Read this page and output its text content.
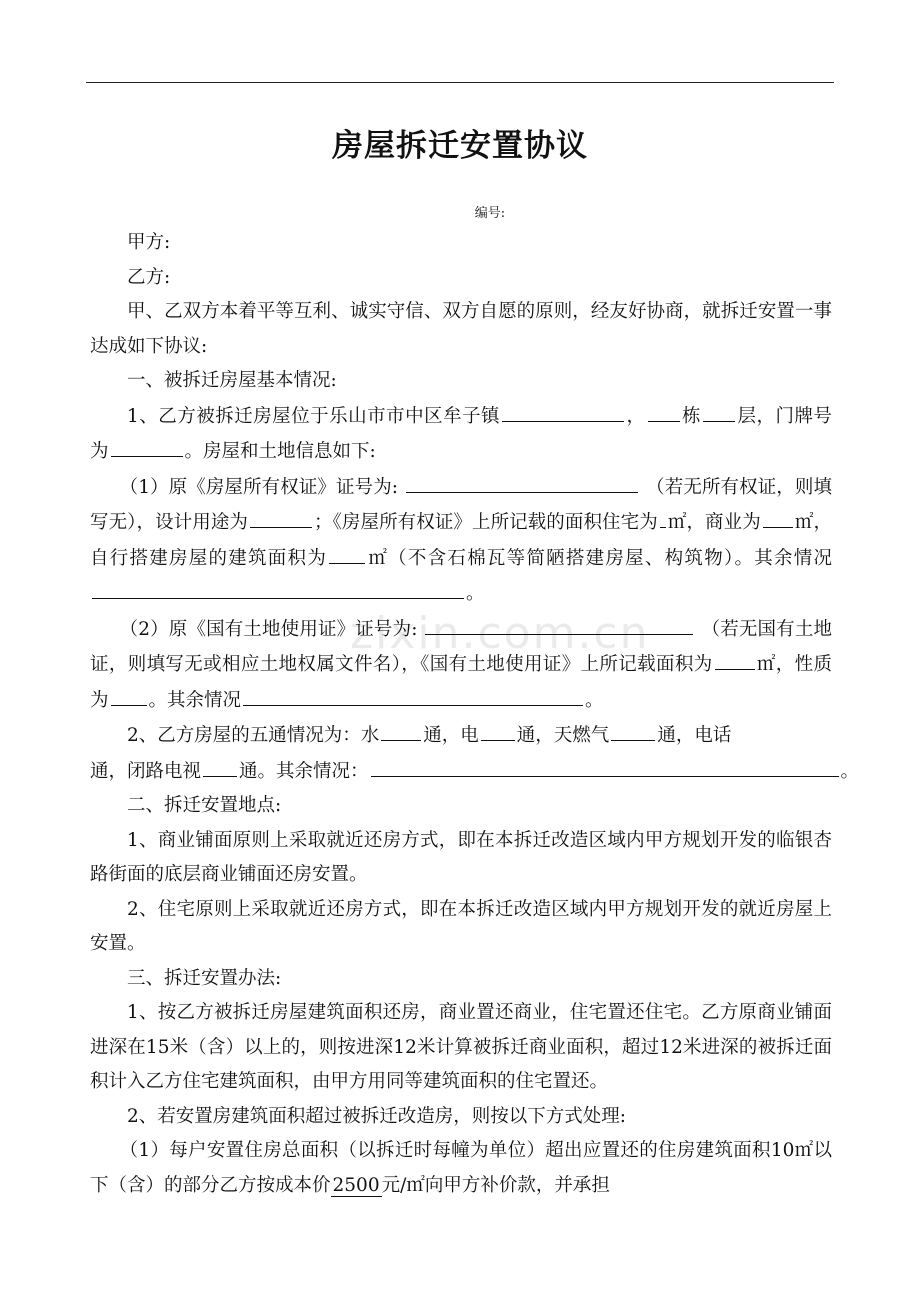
房屋拆迁安置协议
编号:
zixin.com.cn

甲方:

乙方:

甲、乙双方本着平等互利、诚实守信、双方自愿的原则，经友好协商，就拆迁安置一事达成如下协议:

一、被拆迁房屋基本情况:

1、乙方被拆迁房屋位于乐山市市中区牟子镇	， 栋 层，门牌号为	。房屋和土地信息如下:

（1）原《房屋所有权证》证号为:	（若无所有权证，则填写无），设计用途为	；《房屋所有权证》上所记载的面积住宅为 ㎡，商业为 ㎡，自行搭建房屋的建筑面积为 ㎡（不含石棉瓦等简陋搭建房屋、构筑物）。其余情况。

（2）原《国有土地使用证》证号为:	（若无国有土地证，则填写无或相应土地权属文件名），《国有土地使用证》上所记载面积为 ㎡，性质为 。其余情况	。

2、乙方房屋的五通情况为：水 通，电 通，天燃气	通，电话

通，闭路电视 通。其余情况：	。

二、拆迁安置地点:

1、商业铺面原则上采取就近还房方式，即在本拆迁改造区域内甲方规划开发的临银杏路街面的底层商业铺面还房安置。

2、住宅原则上采取就近还房方式，即在本拆迁改造区域内甲方规划开发的就近房屋上安置。

三、拆迁安置办法:

1、按乙方被拆迁房屋建筑面积还房，商业置还商业，住宅置还住宅。乙方原商业铺面进深在15米（含）以上的，则按进深12米计算被拆迁商业面积，超过12米进深的被拆迁面积计入乙方住宅建筑面积，由甲方用同等建筑面积的住宅置还。

2、若安置房建筑面积超过被拆迁改造房，则按以下方式处理:

（1）每户安置住房总面积（以拆迁时每幢为单位）超出应置还的住房建筑面积10㎡以下（含）的部分乙方按成本价 2500 元/㎡向甲方补价款，并承担
